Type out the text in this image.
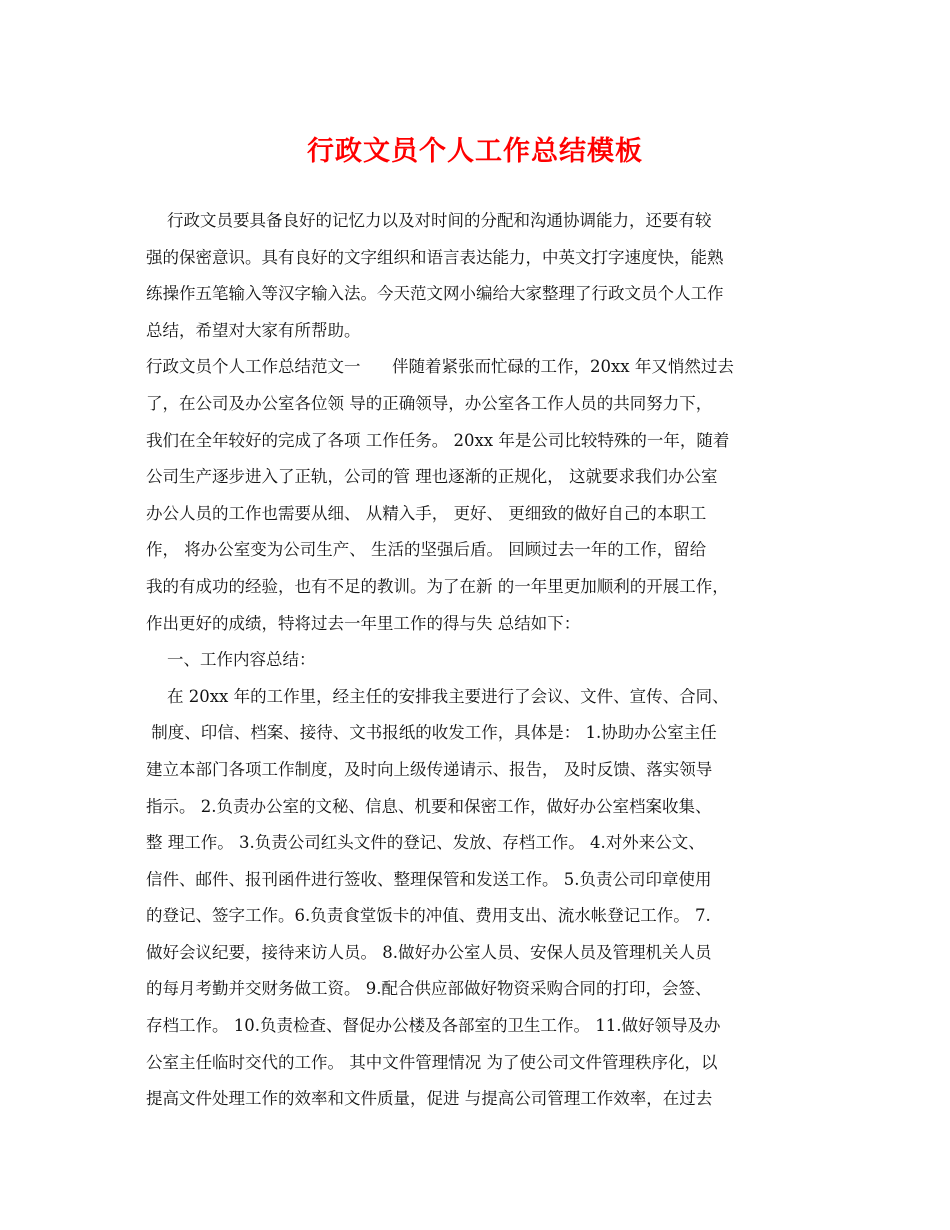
行政文员个人工作总结模板
行政文员要具备良好的记忆力以及对时间的分配和沟通协调能力，还要有较
强的保密意识。具有良好的文字组织和语言表达能力，中英文打字速度快，能熟
练操作五笔输入等汉字输入法。今天范文网小编给大家整理了行政文员个人工作
总结，希望对大家有所帮助。
行政文员个人工作总结范文一      伴随着紧张而忙碌的工作，20xx 年又悄然过去
了，在公司及办公室各位领 导的正确领导，办公室各工作人员的共同努力下，
我们在全年较好的完成了各项 工作任务。 20xx 年是公司比较特殊的一年，随着
公司生产逐步进入了正轨，公司的管 理也逐渐的正规化， 这就要求我们办公室
办公人员的工作也需要从细、 从精入手， 更好、 更细致的做好自己的本职工
作， 将办公室变为公司生产、 生活的坚强后盾。 回顾过去一年的工作，留给
我的有成功的经验，也有不足的教训。为了在新 的一年里更加顺利的开展工作，
作出更好的成绩，特将过去一年里工作的得与失 总结如下：
一、工作内容总结：
在 20xx 年的工作里，经主任的安排我主要进行了会议、文件、宣传、合同、
制度、印信、档案、接待、文书报纸的收发工作，具体是： 1.协助办公室主任
建立本部门各项工作制度，及时向上级传递请示、报告， 及时反馈、落实领导
指示。 2.负责办公室的文秘、信息、机要和保密工作，做好办公室档案收集、
整 理工作。 3.负责公司红头文件的登记、发放、存档工作。 4.对外来公文、
信件、邮件、报刊函件进行签收、整理保管和发送工作。 5.负责公司印章使用
的登记、签字工作。6.负责食堂饭卡的冲值、费用支出、流水帐登记工作。 7.
做好会议纪要，接待来访人员。 8.做好办公室人员、安保人员及管理机关人员
的每月考勤并交财务做工资。 9.配合供应部做好物资采购合同的打印，会签、
存档工作。 10.负责检查、督促办公楼及各部室的卫生工作。 11.做好领导及办
公室主任临时交代的工作。 其中文件管理情况 为了使公司文件管理秩序化，以
提高文件处理工作的效率和文件质量，促进 与提高公司管理工作效率，在过去
